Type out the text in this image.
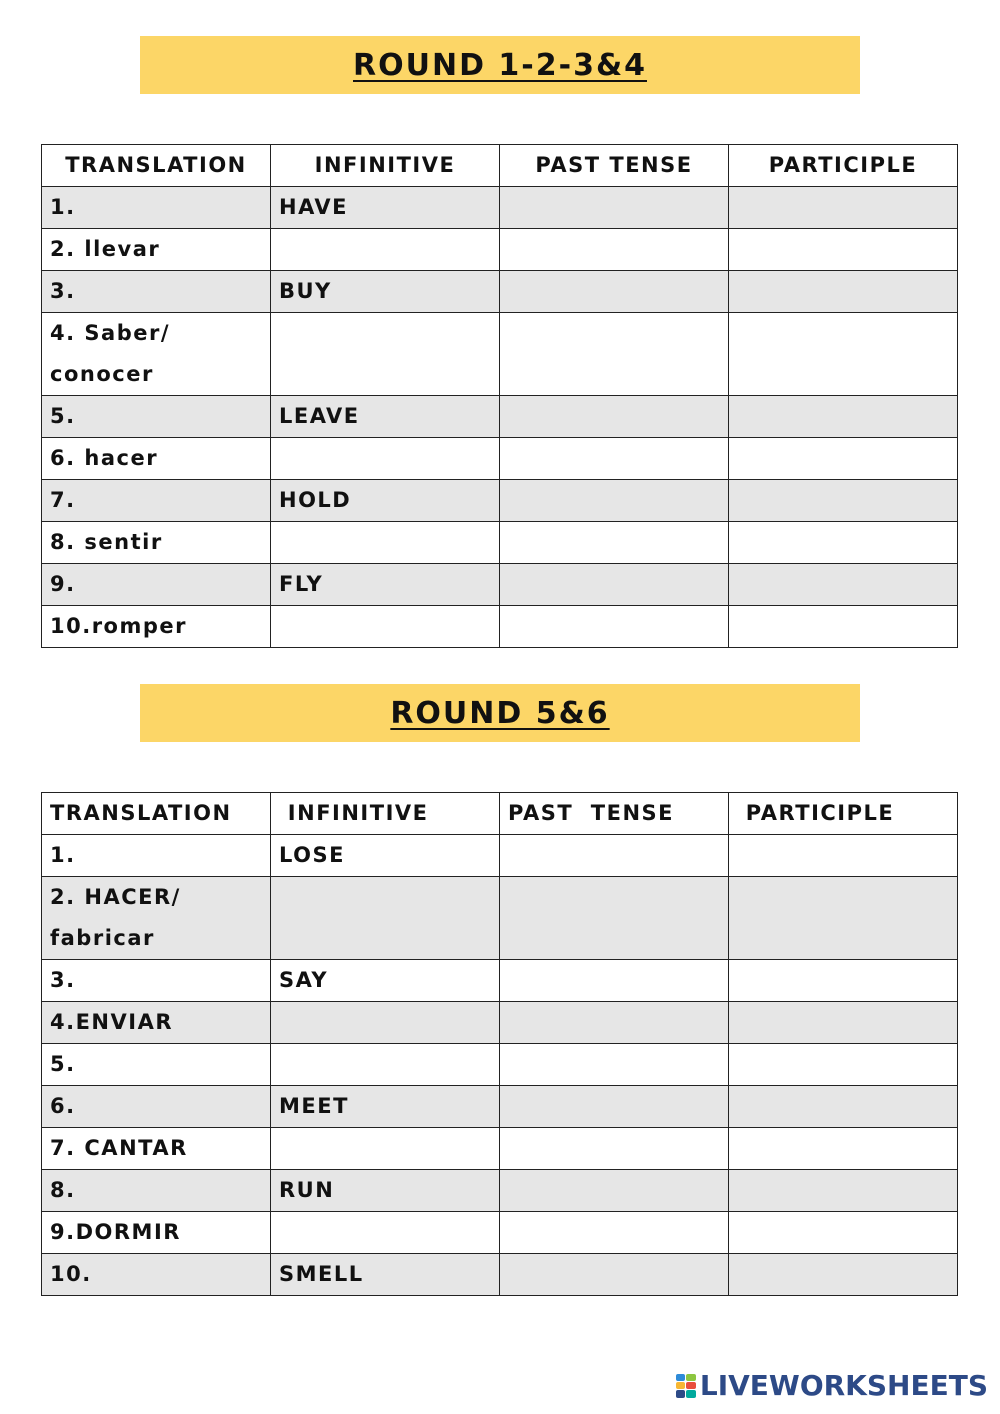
ROUND 1-2-3&4
TRANSLATION	INFINITIVE	PAST TENSE	PARTICIPLE
1.	HAVE		
2. llevar			
3.	BUY		
4. Saber/
conocer			
5.	LEAVE		
6. hacer			
7.	HOLD		
8. sentir			
9.	FLY		
10.romper			
ROUND 5&6
TRANSLATION	INFINITIVE	PAST  TENSE	PARTICIPLE
1.	LOSE		
2. HACER/
fabricar			
3.	SAY		
4.ENVIAR			
5.			
6.	MEET		
7. CANTAR			
8.	RUN		
9.DORMIR			
10.	SMELL		
LIVEWORKSHEETS
